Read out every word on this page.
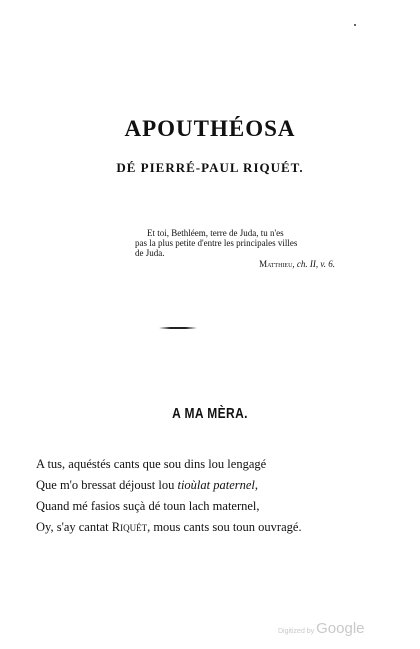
APOUTHÉOSA
DÉ PIERRÉ-PAUL RIQUÉT.
Et toi, Bethléem, terre de Juda, tu n'es
pas la plus petite d'entre les principales villes
de Juda.
Matthieu, ch. II, v. 6.
A MA MÈRA.
A tus, aquéstés cants que sou dins lou lengagé
Que m'o bressat déjoust lou tioùlat paternel,
Quand mé fasios suçà dé toun lach maternel,
Oy, s'ay cantat Riquét, mous cants sou toun ouvragé.
Digitized by Google
